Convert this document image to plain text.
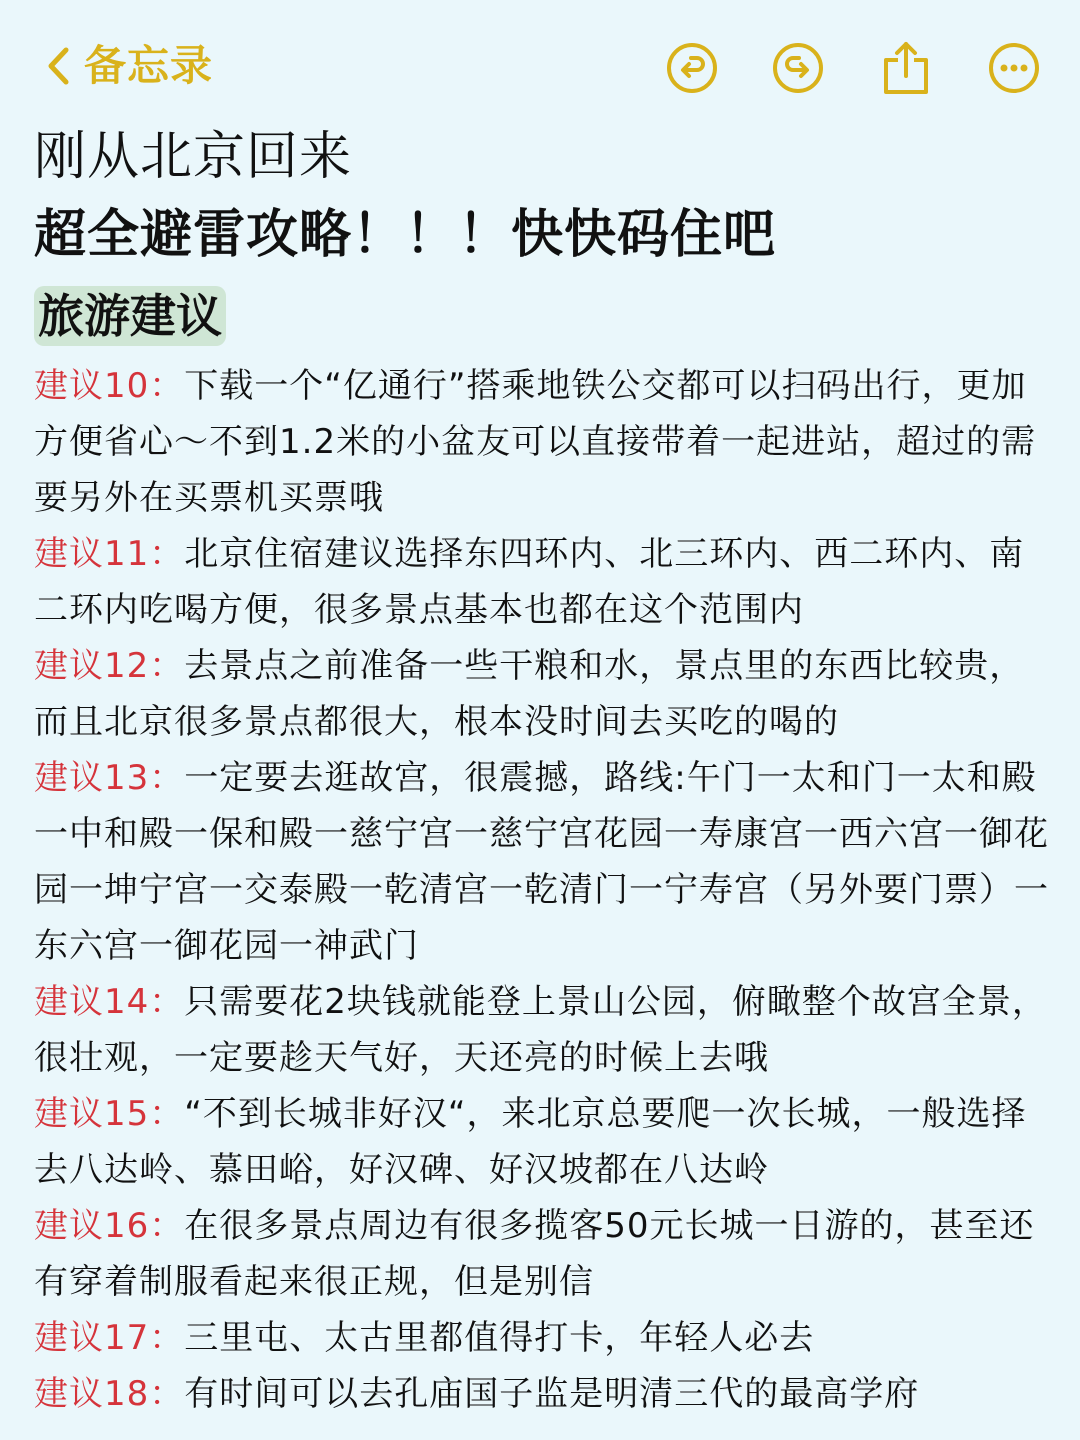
备忘录
刚从北京回来
超全避雷攻略！！！快快码住吧
旅游建议
建议10：下载一个“亿通行”搭乘地铁公交都可以扫码出行，更加方便省心～不到1.2米的小盆友可以直接带着一起进站，超过的需要另外在买票机买票哦
建议11：北京住宿建议选择东四环内、北三环内、西二环内、南二环内吃喝方便，很多景点基本也都在这个范围内
建议12：去景点之前准备一些干粮和水，景点里的东西比较贵，而且北京很多景点都很大，根本没时间去买吃的喝的
建议13：一定要去逛故宫，很震撼，路线:午门一太和门一太和殿一中和殿一保和殿一慈宁宫一慈宁宫花园一寿康宫一西六宫一御花园一坤宁宫一交泰殿一乾清宫一乾清门一宁寿宫（另外要门票）一东六宫一御花园一神武门
建议14：只需要花2块钱就能登上景山公园，俯瞰整个故宫全景，很壮观，一定要趁天气好，天还亮的时候上去哦
建议15：“不到长城非好汉“，来北京总要爬一次长城，一般选择去八达岭、慕田峪，好汉碑、好汉坡都在八达岭
建议16：在很多景点周边有很多揽客50元长城一日游的，甚至还有穿着制服看起来很正规，但是别信
建议17：三里屯、太古里都值得打卡，年轻人必去
建议18：有时间可以去孔庙国子监是明清三代的最高学府
